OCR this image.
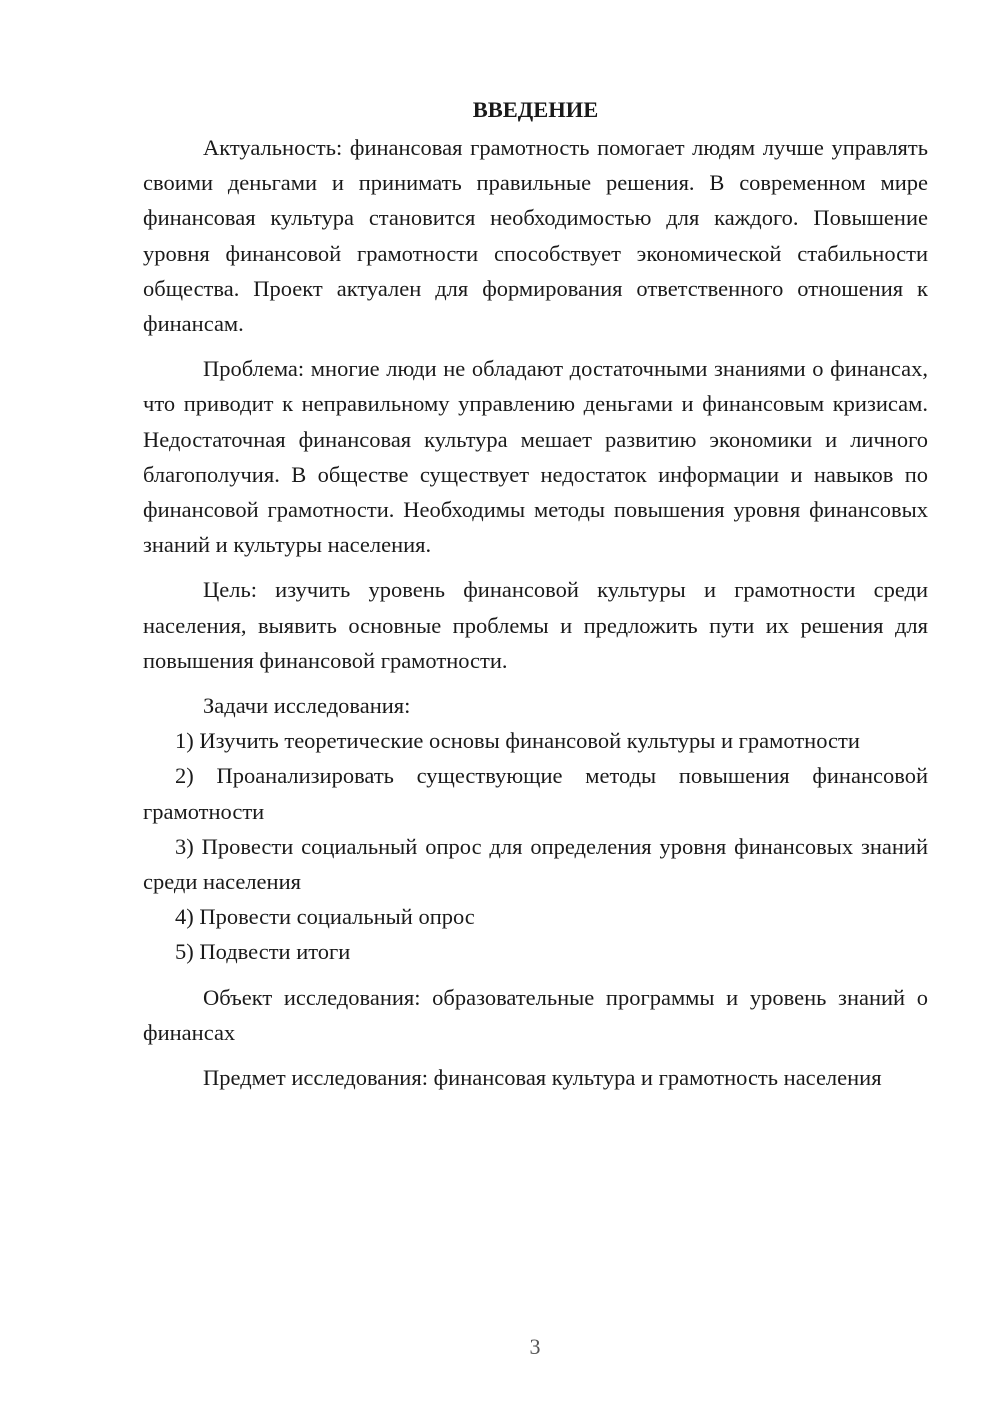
ВВЕДЕНИЕ

Актуальность: финансовая грамотность помогает людям лучше управлять своими деньгами и принимать правильные решения. В современном мире финансовая культура становится необходимостью для каждого. Повышение уровня финансовой грамотности способствует экономической стабильности общества. Проект актуален для формирования ответственного отношения к финансам.

Проблема: многие люди не обладают достаточными знаниями о финансах, что приводит к неправильному управлению деньгами и финансовым кризисам. Недостаточная финансовая культура мешает развитию экономики и личного благополучия. В обществе существует недостаток информации и навыков по финансовой грамотности. Необходимы методы повышения уровня финансовых знаний и культуры населения.

Цель: изучить уровень финансовой культуры и грамотности среди населения, выявить основные проблемы и предложить пути их решения для повышения финансовой грамотности.

Задачи исследования:

1) Изучить теоретические основы финансовой культуры и грамотности

2) Проанализировать существующие методы повышения финансовой грамотности

3) Провести социальный опрос для определения уровня финансовых знаний среди населения

4) Провести социальный опрос

5) Подвести итоги

Объект исследования: образовательные программы и уровень знаний о финансах

Предмет исследования: финансовая культура и грамотность населения

3
